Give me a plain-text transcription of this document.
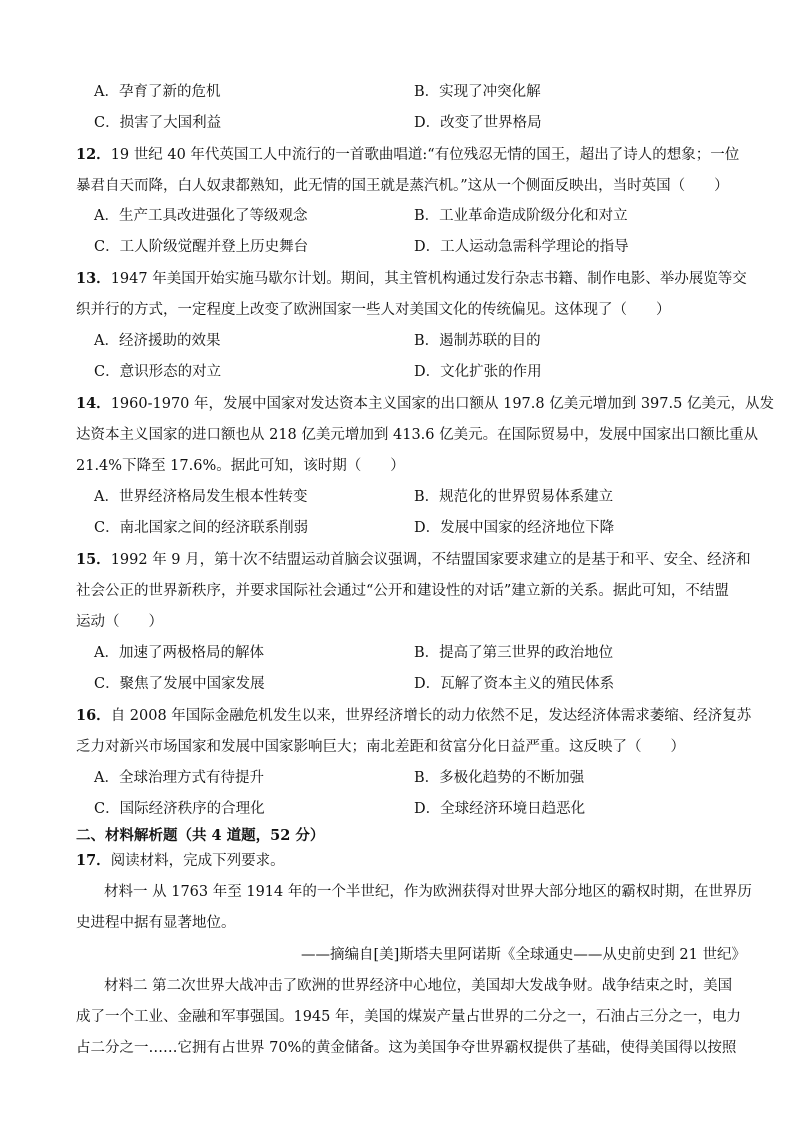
A．孕育了新的危机	B．实现了冲突化解
C．损害了大国利益	D．改变了世界格局
12．19 世纪 40 年代英国工人中流行的一首歌曲唱道:“有位残忍无情的国王，超出了诗人的想象；一位
暴君自天而降，白人奴隶都熟知，此无情的国王就是蒸汽机。”这从一个侧面反映出，当时英国（　　）
A．生产工具改进强化了等级观念	B．工业革命造成阶级分化和对立
C．工人阶级觉醒并登上历史舞台	D．工人运动急需科学理论的指导
13．1947 年美国开始实施马歇尔计划。期间，其主管机构通过发行杂志书籍、制作电影、举办展览等交
织并行的方式，一定程度上改变了欧洲国家一些人对美国文化的传统偏见。这体现了（　　）
A．经济援助的效果	B．遏制苏联的目的
C．意识形态的对立	D．文化扩张的作用
14．1960-1970 年，发展中国家对发达资本主义国家的出口额从 197.8 亿美元增加到 397.5 亿美元，从发
达资本主义国家的进口额也从 218 亿美元增加到 413.6 亿美元。在国际贸易中，发展中国家出口额比重从
21.4%下降至 17.6%。据此可知，该时期（　　）
A．世界经济格局发生根本性转变	B．规范化的世界贸易体系建立
C．南北国家之间的经济联系削弱	D．发展中国家的经济地位下降
15．1992 年 9 月，第十次不结盟运动首脑会议强调，不结盟国家要求建立的是基于和平、安全、经济和
社会公正的世界新秩序，并要求国际社会通过“公开和建设性的对话”建立新的关系。据此可知，不结盟
运动（　　）
A．加速了两极格局的解体	B．提高了第三世界的政治地位
C．聚焦了发展中国家发展	D．瓦解了资本主义的殖民体系
16．自 2008 年国际金融危机发生以来，世界经济增长的动力依然不足，发达经济体需求萎缩、经济复苏
乏力对新兴市场国家和发展中国家影响巨大；南北差距和贫富分化日益严重。这反映了（　　）
A．全球治理方式有待提升	B．多极化趋势的不断加强
C．国际经济秩序的合理化	D．全球经济环境日趋恶化
二、材料解析题（共 4 道题，52 分）
17．阅读材料，完成下列要求。
材料一 从 1763 年至 1914 年的一个半世纪，作为欧洲获得对世界大部分地区的霸权时期，在世界历
史进程中据有显著地位。
——摘编自[美]斯塔夫里阿诺斯《全球通史——从史前史到 21 世纪》
材料二 第二次世界大战冲击了欧洲的世界经济中心地位，美国却大发战争财。战争结束之时，美国
成了一个工业、金融和军事强国。1945 年，美国的煤炭产量占世界的二分之一，石油占三分之一，电力
占二分之一……它拥有占世界 70%的黄金储备。这为美国争夺世界霸权提供了基础，使得美国得以按照
